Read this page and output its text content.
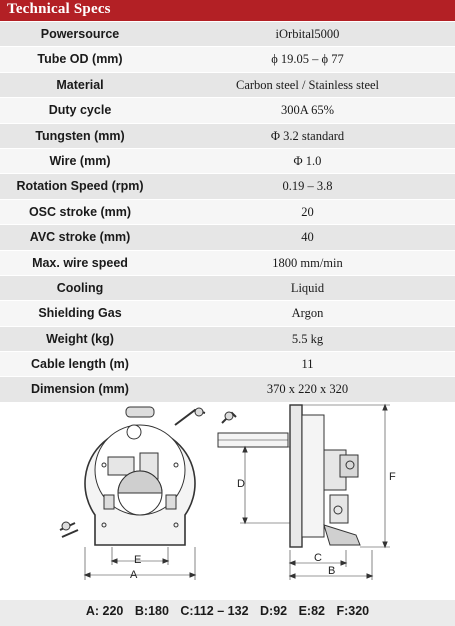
Technical Specs
Powersource	iOrbital5000
Tube OD (mm)	ϕ 19.05 – ϕ 77
Material	Carbon steel / Stainless steel
Duty cycle	300A 65%
Tungsten (mm)	Φ 3.2 standard
Wire (mm)	Φ 1.0
Rotation Speed (rpm)	0.19 – 3.8
OSC stroke (mm)	20
AVC stroke (mm)	40
Max. wire speed	1800 mm/min
Cooling	Liquid
Shielding Gas	Argon
Weight (kg)	5.5 kg
Cable length (m)	11
Dimension (mm)	370 x 220 x 320
E
A
D
F
C
B
A: 220 B:180 C:112 – 132 D:92 E:82 F:320
